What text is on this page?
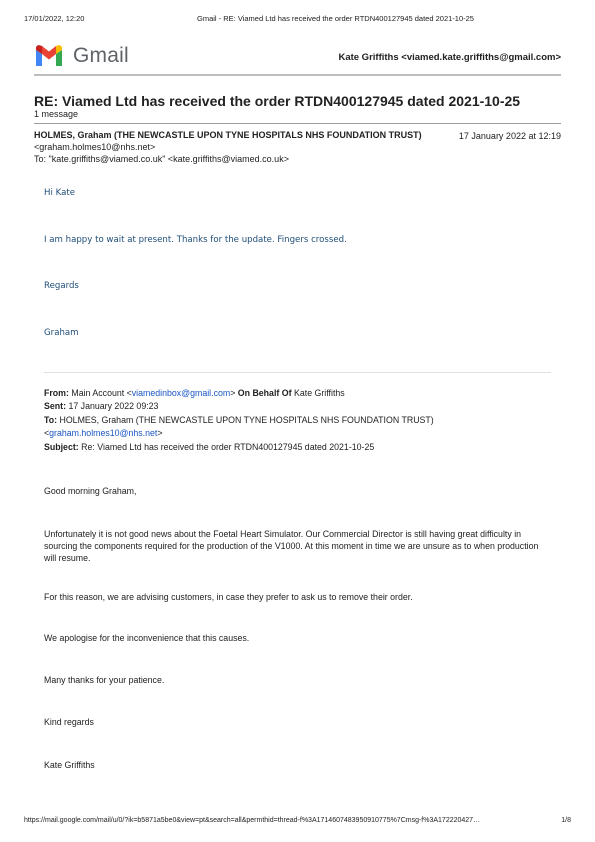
17/01/2022, 12:20	Gmail - RE: Viamed Ltd has received the order RTDN400127945 dated 2021-10-25
Gmail	Kate Griffiths <viamed.kate.griffiths@gmail.com>
RE: Viamed Ltd has received the order RTDN400127945 dated 2021-10-25
1 message
HOLMES, Graham (THE NEWCASTLE UPON TYNE HOSPITALS NHS FOUNDATION TRUST)
<graham.holmes10@nhs.net>
To: "kate.griffiths@viamed.co.uk" <kate.griffiths@viamed.co.uk>
17 January 2022 at 12:19
Hi Kate
I am happy to wait at present. Thanks for the update. Fingers crossed.
Regards
Graham
From: Main Account <viamedinbox@gmail.com> On Behalf Of Kate Griffiths
Sent: 17 January 2022 09:23
To: HOLMES, Graham (THE NEWCASTLE UPON TYNE HOSPITALS NHS FOUNDATION TRUST)
<graham.holmes10@nhs.net>
Subject: Re: Viamed Ltd has received the order RTDN400127945 dated 2021-10-25
Good morning Graham,
Unfortunately it is not good news about the Foetal Heart Simulator. Our Commercial Director is still having great difficulty in sourcing the components required for the production of the V1000. At this moment in time we are unsure as to when production will resume.
For this reason, we are advising customers, in case they prefer to ask us to remove their order.
We apologise for the inconvenience that this causes.
Many thanks for your patience.
Kind regards
Kate Griffiths
https://mail.google.com/mail/u/0/?ik=b5871a5be0&view=pt&search=all&permthid=thread-f%3A1714607483950910775%7Cmsg-f%3A172220427…	1/8
